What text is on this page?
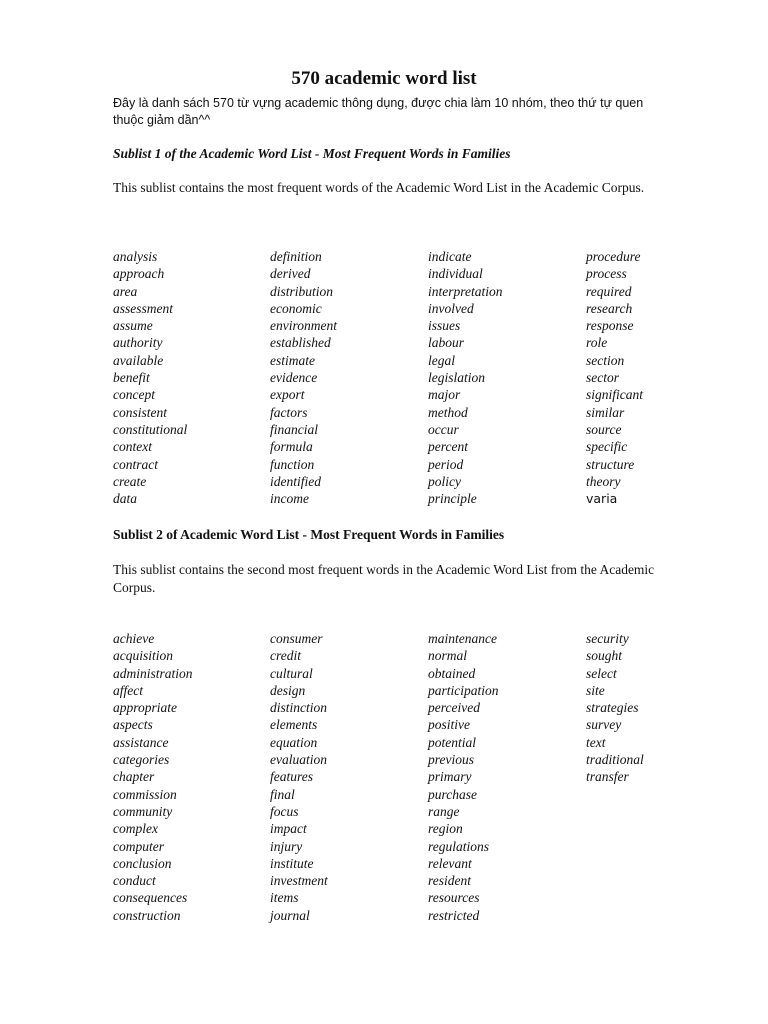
570 academic word list
Đây là danh sách 570 từ vựng academic thông dụng, được chia làm 10 nhóm, theo thứ tự quen thuộc giảm dần^^
Sublist 1 of the Academic Word List - Most Frequent Words in Families
This sublist contains the most frequent words of the Academic Word List in the Academic Corpus.
analysis
approach
area
assessment
assume
authority
available
benefit
concept
consistent
constitutional
context
contract
create
data
definition
derived
distribution
economic
environment
established
estimate
evidence
export
factors
financial
formula
function
identified
income
indicate
individual
interpretation
involved
issues
labour
legal
legislation
major
method
occur
percent
period
policy
principle
procedure
process
required
research
response
role
section
sector
significant
similar
source
specific
structure
theory
varia
Sublist 2 of Academic Word List - Most Frequent Words in Families
This sublist contains the second most frequent words in the Academic Word List from the Academic Corpus.
achieve
acquisition
administration
affect
appropriate
aspects
assistance
categories
chapter
commission
community
complex
computer
conclusion
conduct
consequences
construction
consumer
credit
cultural
design
distinction
elements
equation
evaluation
features
final
focus
impact
injury
institute
investment
items
journal
maintenance
normal
obtained
participation
perceived
positive
potential
previous
primary
purchase
range
region
regulations
relevant
resident
resources
restricted
security
sought
select
site
strategies
survey
text
traditional
transfer
